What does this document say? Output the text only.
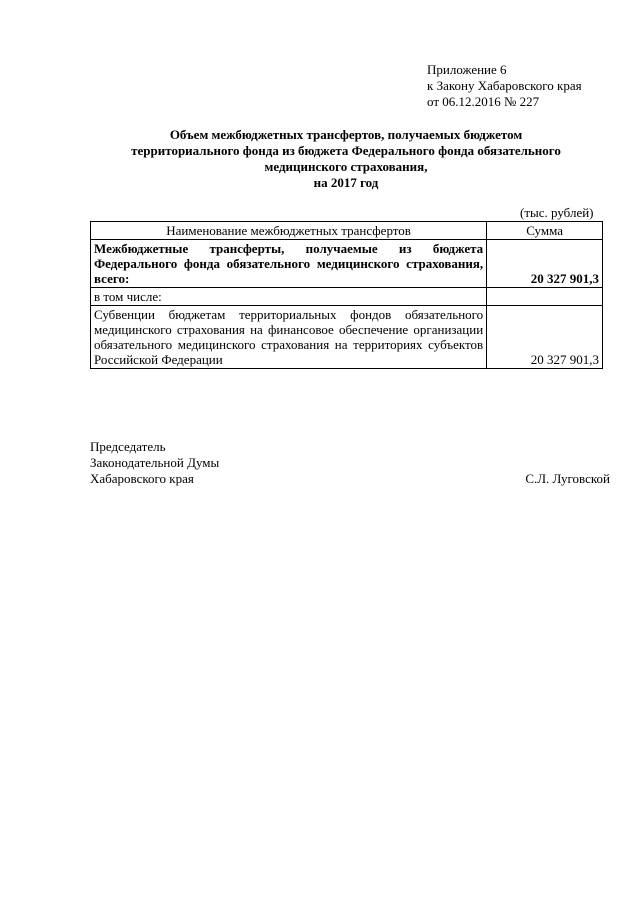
Приложение 6
к Закону Хабаровского края
от 06.12.2016 № 227
Объем межбюджетных трансфертов, получаемых бюджетом
территориального фонда из бюджета Федерального фонда обязательного
медицинского страхования,
на 2017 год
(тыс. рублей)
Наименование межбюджетных трансфертов	Сумма
Межбюджетные трансферты, получаемые из бюджета Федерального фонда обязательного медицинского страхования, всего:	20 327 901,3
в том числе:	
Субвенции бюджетам территориальных фондов обязательного медицинского страхования на финансовое обеспечение организации обязательного медицинского страхования на территориях субъектов Российской Федерации	20 327 901,3
Председатель
Законодательной Думы
Хабаровского края	С.Л. Луговской
